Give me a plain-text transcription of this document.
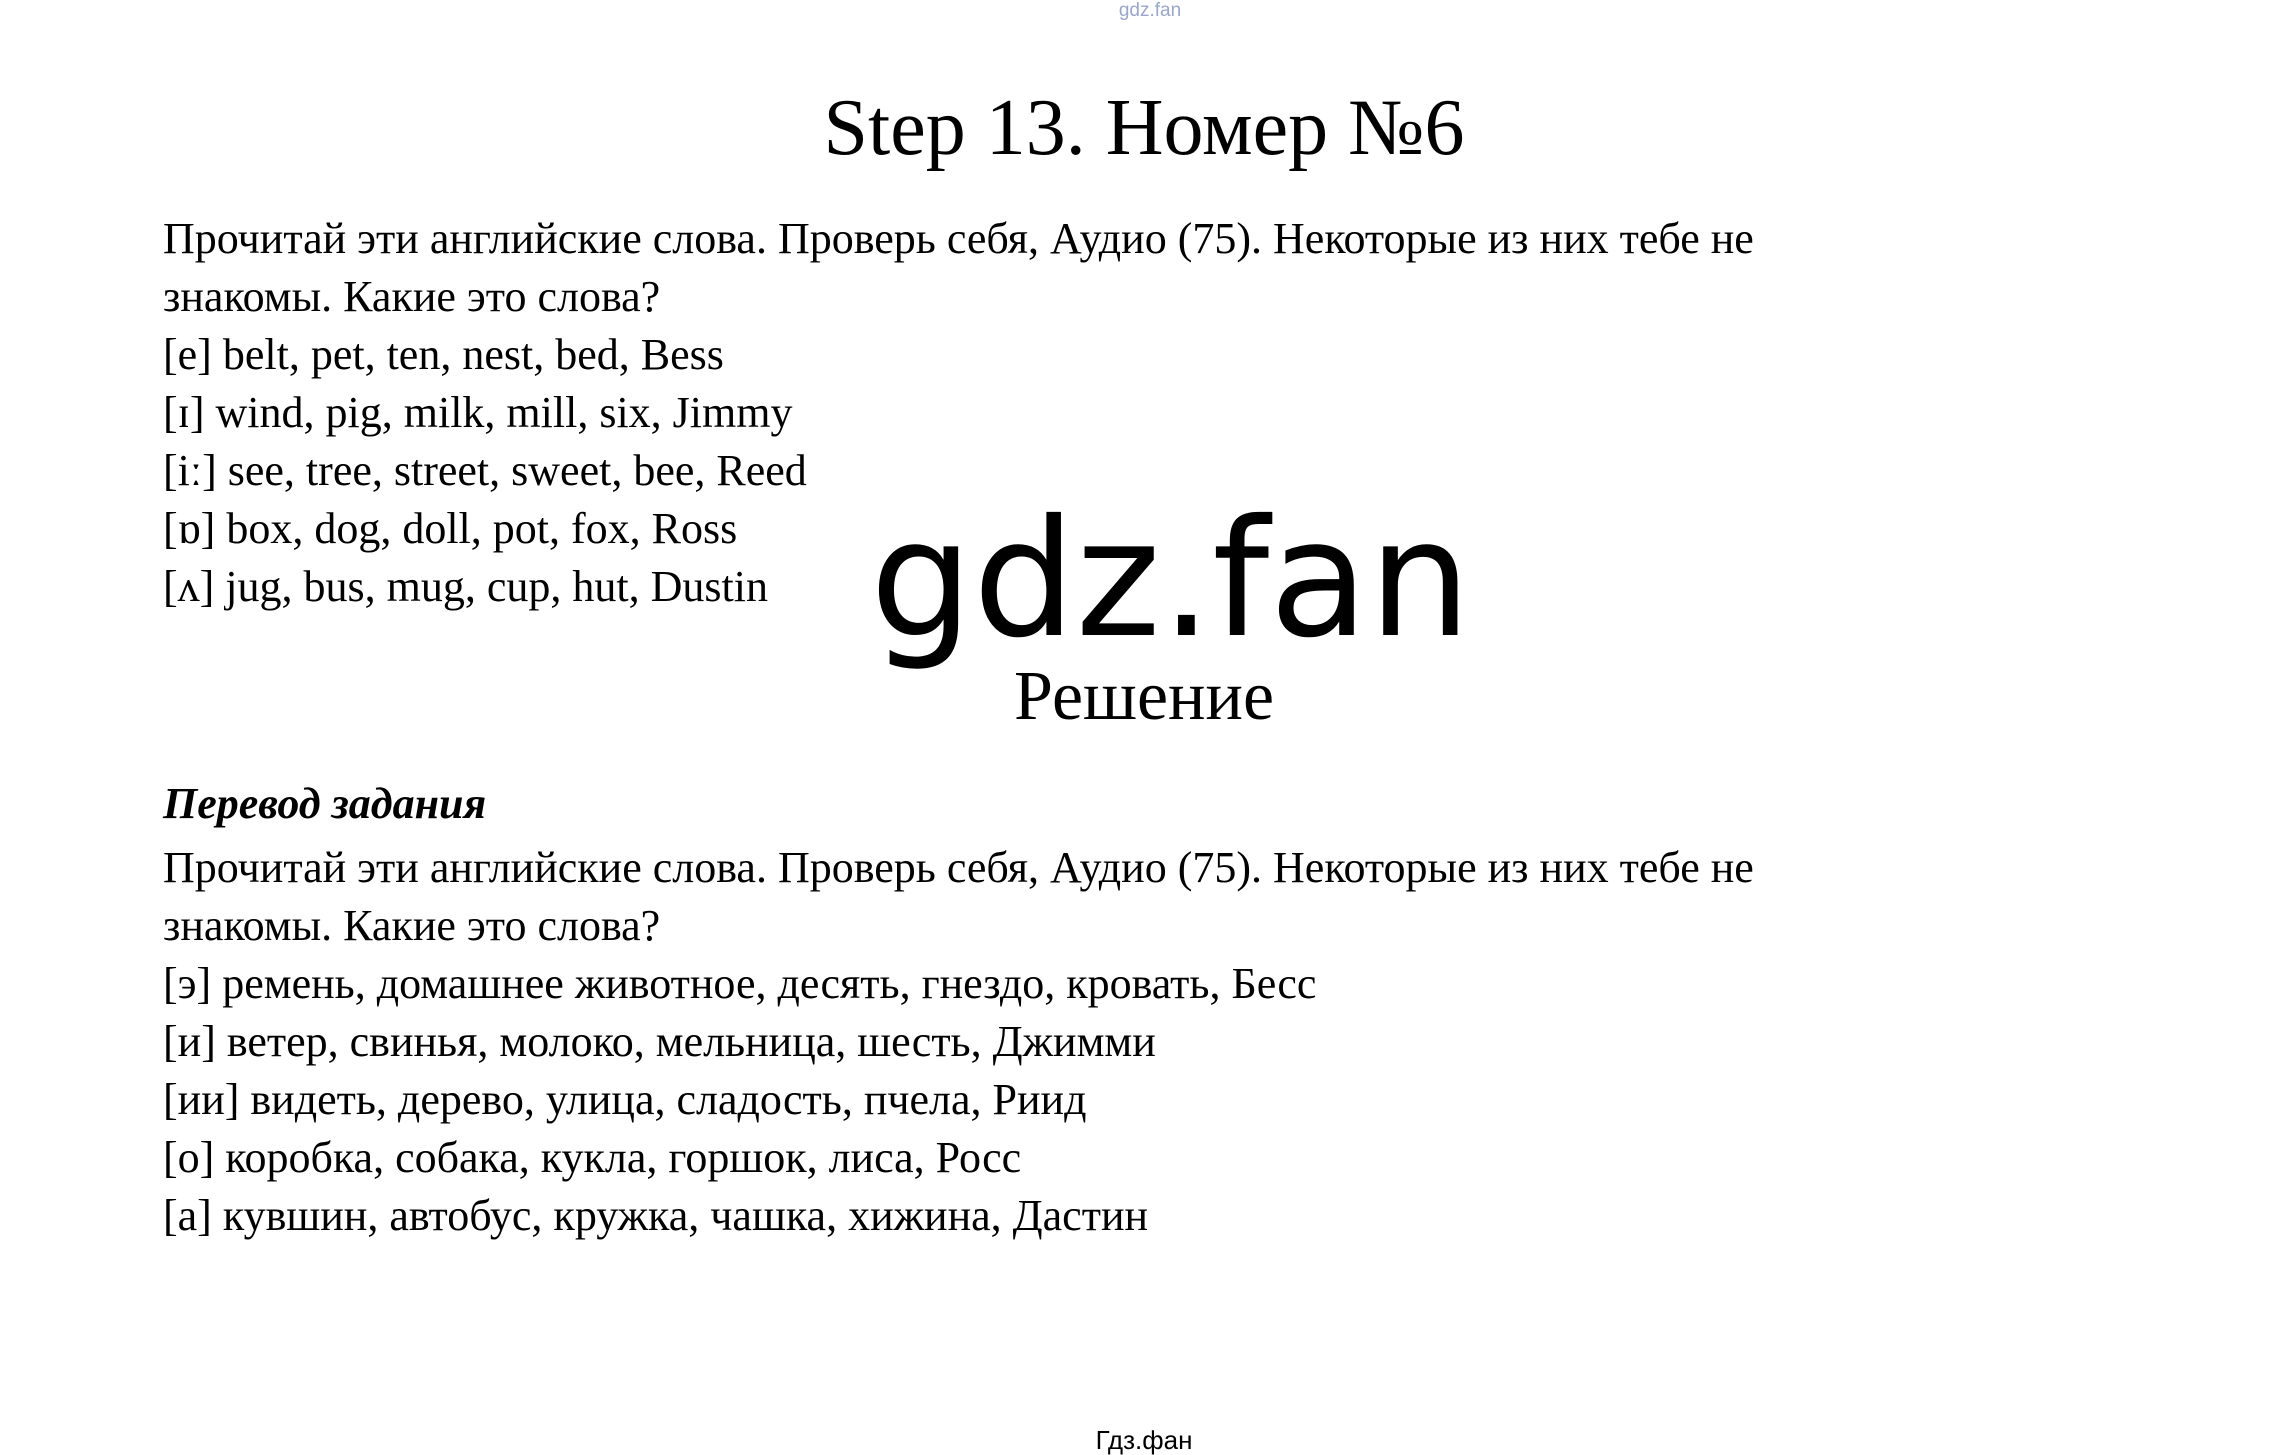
gdz.fan
Step 13. Номер №6

Прочитай эти английские слова. Проверь себя, Аудио (75). Некоторые из них тебе не

знакомы. Какие это слова?

[e] belt, pet, ten, nest, bed, Bess
[ɪ] wind, pig, milk, mill, six, Jimmy
[iː] see, tree, street, sweet, bee, Reed
[ɒ] box, dog, doll, pot, fox, Ross
[ʌ] jug, bus, mug, cup, hut, Dustin gdz.fan
Решение
Перевод задания

Прочитай эти английские слова. Проверь себя, Аудио (75). Некоторые из них тебе не

знакомы. Какие это слова?

[э] ремень, домашнее животное, десять, гнездо, кровать, Бесс
[и] ветер, свинья, молоко, мельница, шесть, Джимми
[ии] видеть, дерево, улица, сладость, пчела, Риид
[о] коробка, собака, кукла, горшок, лиса, Росс
[а] кувшин, автобус, кружка, чашка, хижина, Дастин
Гдз.фан
